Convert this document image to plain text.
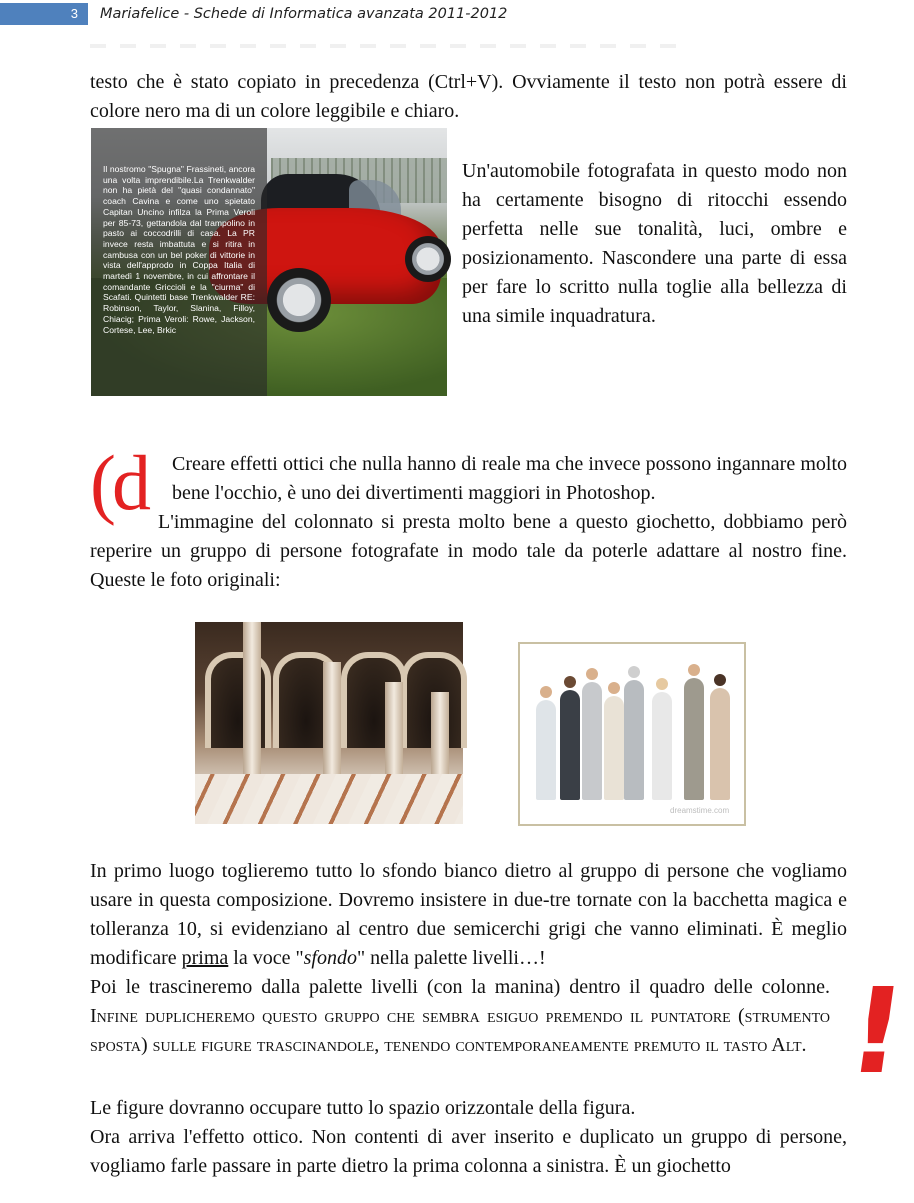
3	Mariafelice - Schede di Informatica avanzata 2011-2012

testo che è stato copiato in precedenza (Ctrl+V). Ovviamente il testo non potrà essere di colore nero ma di un colore leggibile e chiaro.

Il nostromo "Spugna" Frassineti, ancora una volta imprendibile.La Trenkwalder non ha pietà del "quasi condannato" coach Cavina e come uno spietato Capitan Uncino infilza la Prima Veroli per 85-73, gettandola dal trampolino in pasto ai coccodrilli di casa. La PR invece resta imbattuta e si ritira in cambusa con un bel poker di vittorie in vista dell'approdo in Coppa Italia di martedì 1 novembre, in cui affrontare il comandante Griccioli e la "ciurma" di Scafati. Quintetti base Trenkwalder RE: Robinson, Taylor, Slanina, Filloy, Chiacig; Prima Veroli: Rowe, Jackson, Cortese, Lee, Brkic

Un'automobile fotografata in questo modo non ha certamente bisogno di ritocchi essendo perfetta nelle sue tonalità, luci, ombre e posizionamento. Nascondere una parte di essa per fare lo scritto nulla toglie alla bellezza di una simile inquadratura.

(d Creare effetti ottici che nulla hanno di reale ma che invece possono ingannare molto bene l'occhio, è uno dei divertimenti maggiori in Photoshop.

L'immagine del colonnato si presta molto bene a questo giochetto, dobbiamo però reperire un gruppo di persone fotografate in modo tale da poterle adattare al nostro fine. Queste le foto originali:

dreamstime.com

In primo luogo toglieremo tutto lo sfondo bianco dietro al gruppo di persone che vogliamo usare in questa composizione. Dovremo insistere in due-tre tornate con la bacchetta magica e tolleranza 10, si evidenziano al centro due semicerchi grigi che vanno eliminati. È meglio modificare prima la voce "sfondo" nella palette livelli…!

Poi le trascineremo dalla palette livelli (con la manina) dentro il quadro delle colonne. Infine duplicheremo questo gruppo che sembra esiguo premendo il puntatore (strumento sposta) sulle figure trascinandole, tenendo contemporaneamente premuto il tasto Alt.

Le figure dovranno occupare tutto lo spazio orizzontale della figura.

Ora arriva l'effetto ottico. Non contenti di aver inserito e duplicato un gruppo di persone, vogliamo farle passare in parte dietro la prima colonna a sinistra. È un giochetto

!
